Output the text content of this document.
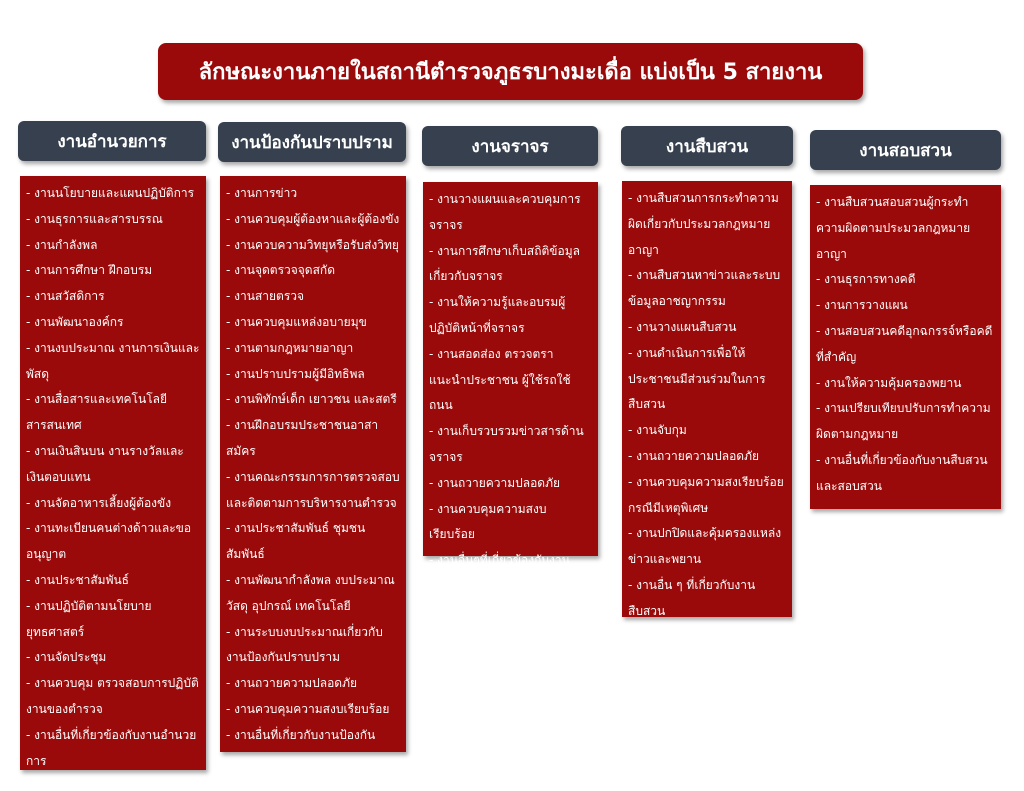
ลักษณะงานภายในสถานีตำรวจภูธรบางมะเดื่อ แบ่งเป็น 5 สายงาน
งานอำนวยการ
- งานนโยบายและแผนปฏิบัติการ
- งานธุรการและสารบรรณ
- งานกำลังพล
- งานการศึกษา ฝึกอบรม
- งานสวัสดิการ
- งานพัฒนาองค์กร
- งานงบประมาณ งานการเงินและพัสดุ
- งานสื่อสารและเทคโนโลยีสารสนเทศ
- งานเงินสินบน งานรางวัลและเงินตอบแทน
- งานจัดอาหารเลี้ยงผู้ต้องขัง
- งานทะเบียนคนต่างด้าวและขออนุญาต
- งานประชาสัมพันธ์
- งานปฏิบัติตามนโยบายยุทธศาสตร์
- งานจัดประชุม
- งานควบคุม ตรวจสอบการปฏิบัติงานของตำรวจ
- งานอื่นที่เกี่ยวข้องกับงานอำนวยการ
งานป้องกันปราบปราม
- งานการข่าว
- งานควบคุมผู้ต้องหาและผู้ต้องขัง
- งานควบความวิทยุหรือรับส่งวิทยุ
- งานจุดตรวจจุดสกัด
- งานสายตรวจ
- งานควบคุมแหล่งอบายมุข
- งานตามกฎหมายอาญา
- งานปราบปรามผู้มีอิทธิพล
- งานพิทักษ์เด็ก เยาวชน และสตรี
- งานฝึกอบรมประชาชนอาสาสมัคร
- งานคณะกรรมการการตรวจสอบและติดตามการบริหารงานตำรวจ
- งานประชาสัมพันธ์ ชุมชนสัมพันธ์
- งานพัฒนากำลังพล งบประมาณ วัสดุ อุปกรณ์ เทคโนโลยี
- งานระบบงบประมาณเกี่ยวกับงานป้องกันปราบปราม
- งานถวายความปลอดภัย
- งานควบคุมความสงบเรียบร้อย
- งานอื่นที่เกี่ยวกับงานป้องกัน
งานจราจร
- งานวางแผนและควบคุมการจราจร
- งานการศึกษาเก็บสถิติข้อมูลเกี่ยวกับจราจร
- งานให้ความรู้และอบรมผู้ปฏิบัติหน้าที่จราจร
- งานสอดส่อง ตรวจตรา แนะนำประชาชน ผู้ใช้รถใช้ถนน
- งานเก็บรวบรวมข่าวสารด้านจราจร
- งานถวายความปลอดภัย
- งานควบคุมความสงบเรียบร้อย
- งานอื่นๆที่เกี่ยวข้องกับงาน
งานสืบสวน
- งานสืบสวนการกระทำความผิดเกี่ยวกับประมวลกฎหมายอาญา
- งานสืบสวนหาข่าวและระบบข้อมูลอาชญากรรม
- งานวางแผนสืบสวน
- งานดำเนินการเพื่อให้ประชาชนมีส่วนร่วมในการสืบสวน
- งานจับกุม
- งานถวายความปลอดภัย
- งานควบคุมความสงเรียบร้อยกรณีมีเหตุพิเศษ
- งานปกปิดและคุ้มครองแหล่งข่าวและพยาน
- งานอื่น ๆ ที่เกี่ยวกับงานสืบสวน
งานสอบสวน
- งานสืบสวนสอบสวนผู้กระทำความผิดตามประมวลกฎหมายอาญา
- งานธุรการทางคดี
- งานการวางแผน
- งานสอบสวนคดีอุกฉกรรจ์หรือคดีที่สำคัญ
- งานให้ความคุ้มครองพยาน
- งานเปรียบเทียบปรับการทำความผิดตามกฎหมาย
- งานอื่นที่เกี่ยวข้องกับงานสืบสวนและสอบสวน
